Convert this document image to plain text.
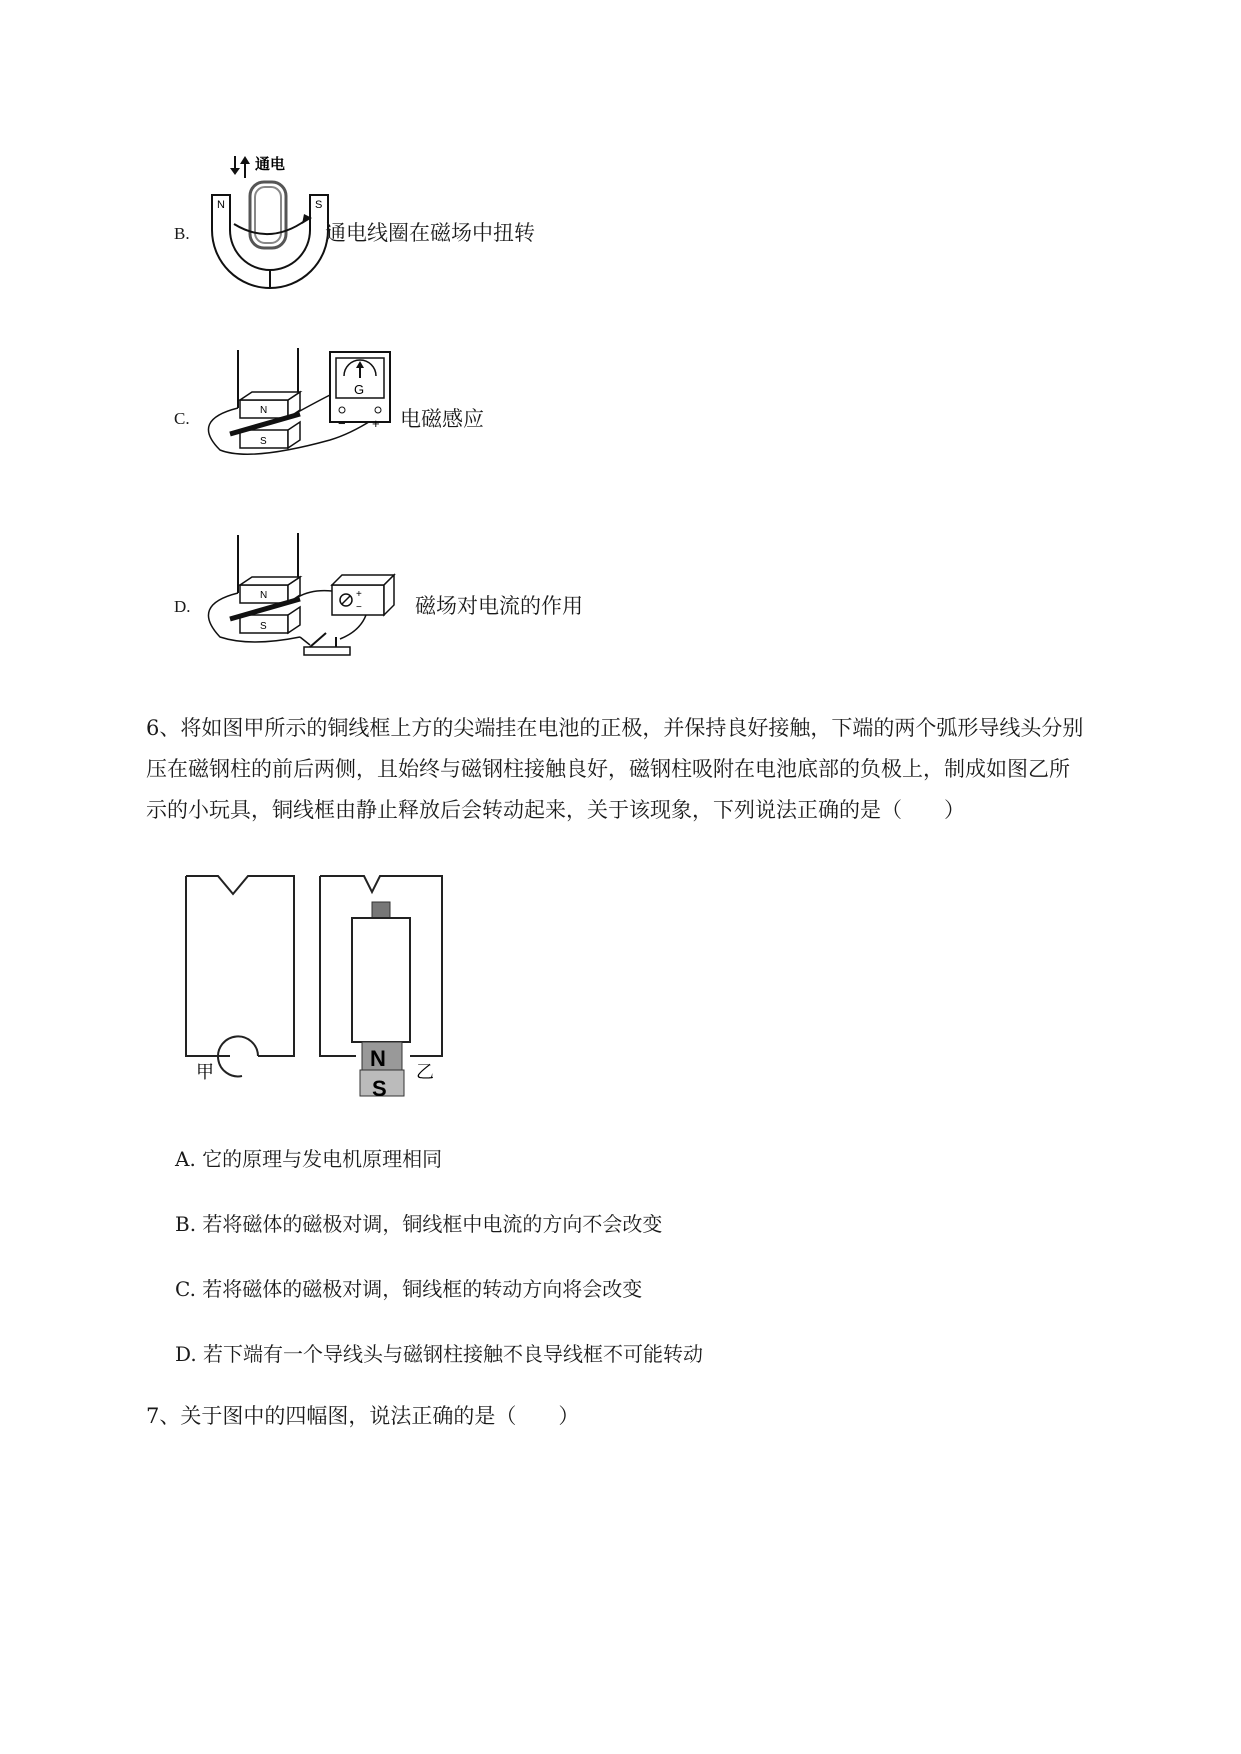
B.
通电
N	S
通电线圈在磁场中扭转
C.	N
S
G
− + 电磁感应
D.
N
S
+
−	磁场对电流的作用
6、将如图甲所示的铜线框上方的尖端挂在电池的正极，并保持良好接触，下端的两个弧形导线头分别
压在磁钢柱的前后两侧，且始终与磁钢柱接触良好，磁钢柱吸附在电池底部的负极上，制成如图乙所
示的小玩具，铜线框由静止释放后会转动起来，关于该现象，下列说法正确的是（　　）
甲
N
S
乙
A. 它的原理与发电机原理相同
B. 若将磁体的磁极对调，铜线框中电流的方向不会改变
C. 若将磁体的磁极对调，铜线框的转动方向将会改变
D. 若下端有一个导线头与磁钢柱接触不良导线框不可能转动
7、关于图中的四幅图，说法正确的是（　　）
